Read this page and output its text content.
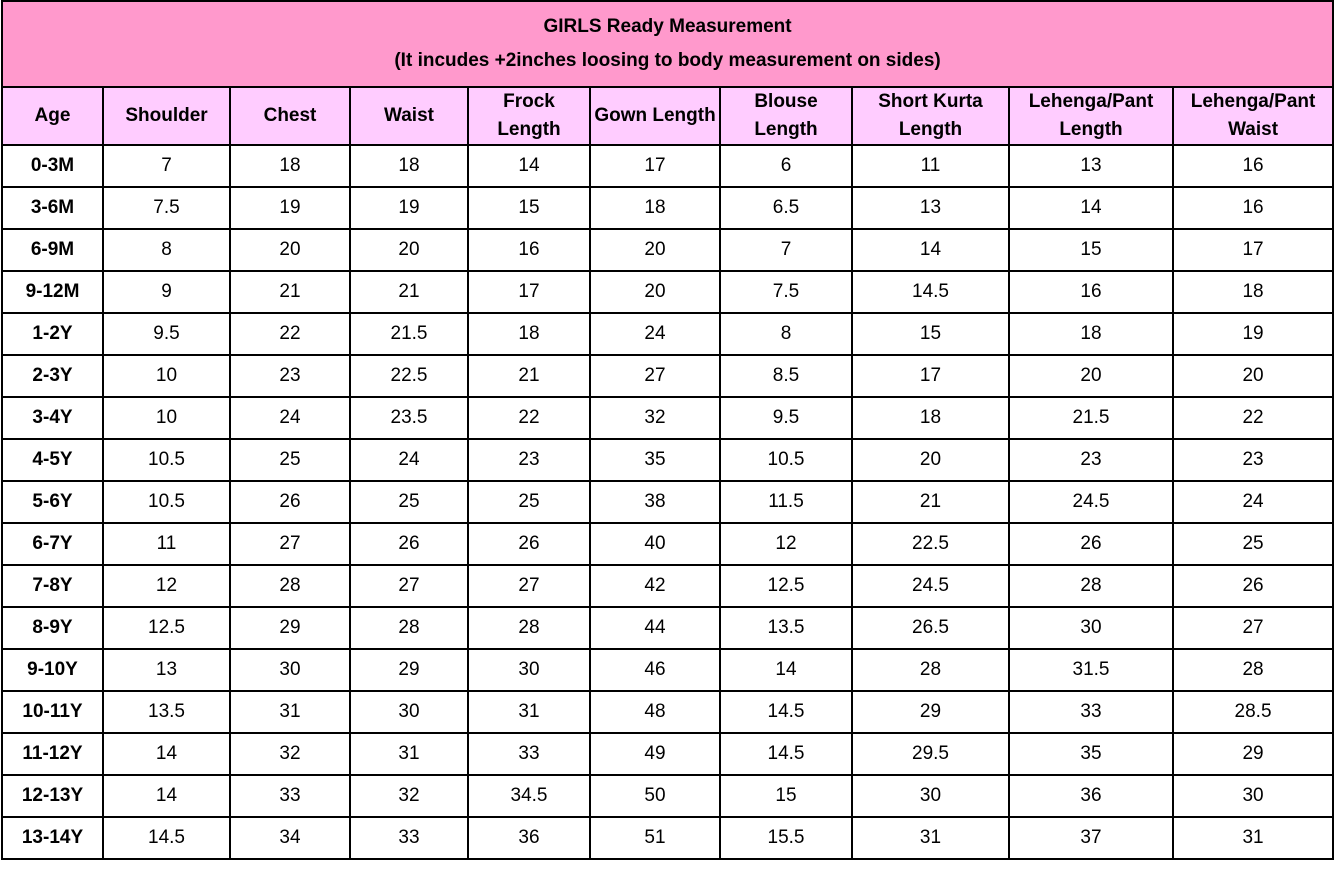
GIRLS Ready Measurement
(It incudes +2inches loosing to body measurement on sides)									

Age	Shoulder	Chest	Waist	Frock Length	Gown Length	Blouse Length	Short Kurta Length	Lehenga/Pant Length	Lehenga/Pant Waist
0-3M	7	18	18	14	17	6	11	13	16
3-6M	7.5	19	19	15	18	6.5	13	14	16
6-9M	8	20	20	16	20	7	14	15	17
9-12M	9	21	21	17	20	7.5	14.5	16	18
1-2Y	9.5	22	21.5	18	24	8	15	18	19
2-3Y	10	23	22.5	21	27	8.5	17	20	20
3-4Y	10	24	23.5	22	32	9.5	18	21.5	22
4-5Y	10.5	25	24	23	35	10.5	20	23	23
5-6Y	10.5	26	25	25	38	11.5	21	24.5	24
6-7Y	11	27	26	26	40	12	22.5	26	25
7-8Y	12	28	27	27	42	12.5	24.5	28	26
8-9Y	12.5	29	28	28	44	13.5	26.5	30	27
9-10Y	13	30	29	30	46	14	28	31.5	28
10-11Y	13.5	31	30	31	48	14.5	29	33	28.5
11-12Y	14	32	31	33	49	14.5	29.5	35	29
12-13Y	14	33	32	34.5	50	15	30	36	30
13-14Y	14.5	34	33	36	51	15.5	31	37	31
